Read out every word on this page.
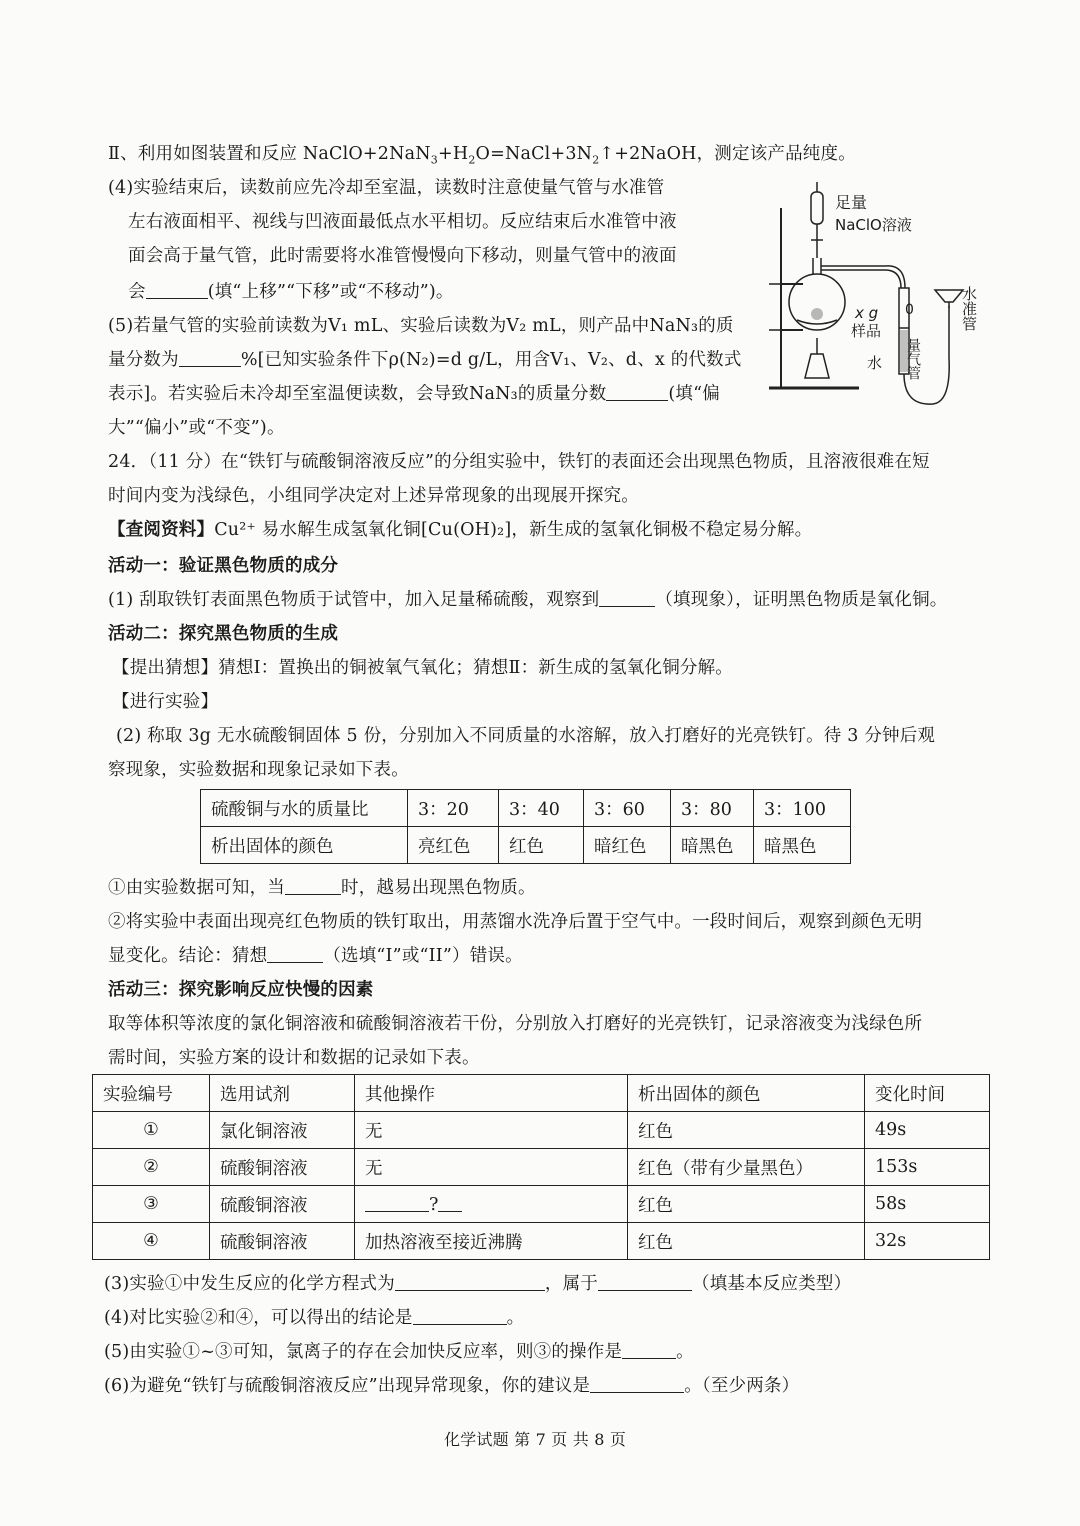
Ⅱ、利用如图装置和反应 $NaClO+2NaN_3+H_2O=NaCl+3N_2↑+2NaOH$，测定该产品纯度。
(4)实验结束后，读数前应先冷却至室温，读数时注意使量气管与水准管
左右液面相平、视线与凹液面最低点水平相切。反应结束后水准管中液
面会高于量气管，此时需要将水准管慢慢向下移动，则量气管中的液面
会	(填“上移”“下移”或“不移动”)。
(5)若量气管的实验前读数为V₁ mL、实验后读数为V₂ mL，则产品中NaN₃的质
量分数为	%[已知实验条件下ρ(N₂)=d g/L，用含V₁、V₂、d、x 的代数式
表示]。若实验后未冷却至室温便读数，会导致NaN₃的质量分数	(填“偏
大”“偏小”或“不变”)。
足量
NaClO溶液
x g
样品
水
0
量气管
水准管
24．（11 分）在“铁钉与硫酸铜溶液反应”的分组实验中，铁钉的表面还会出现黑色物质，且溶液很难在短
时间内变为浅绿色，小组同学决定对上述异常现象的出现展开探究。
【查阅资料】Cu²⁺ 易水解生成氢氧化铜[Cu(OH)₂]，新生成的氢氧化铜极不稳定易分解。
活动一：验证黑色物质的成分
(1) 刮取铁钉表面黑色物质于试管中，加入足量稀硫酸，观察到	（填现象），证明黑色物质是氧化铜。
活动二：探究黑色物质的生成
【提出猜想】猜想Ⅰ：置换出的铜被氧气氧化；猜想Ⅱ：新生成的氢氧化铜分解。
【进行实验】
(2) 称取 3g 无水硫酸铜固体 5 份，分别加入不同质量的水溶解，放入打磨好的光亮铁钉。待 3 分钟后观
察现象，实验数据和现象记录如下表。
硫酸铜与水的质量比	3：20	3：40	3：60	3：80	3：100
析出固体的颜色	亮红色	红色	暗红色	暗黑色	暗黑色
①由实验数据可知，当	时，越易出现黑色物质。
②将实验中表面出现亮红色物质的铁钉取出，用蒸馏水洗净后置于空气中。一段时间后，观察到颜色无明
显变化。结论：猜想	（选填“I”或“II”）错误。
活动三：探究影响反应快慢的因素
取等体积等浓度的氯化铜溶液和硫酸铜溶液若干份，分别放入打磨好的光亮铁钉，记录溶液变为浅绿色所
需时间，实验方案的设计和数据的记录如下表。
实验编号	选用试剂	其他操作	析出固体的颜色	变化时间
①	氯化铜溶液	无	红色	49s
②	硫酸铜溶液	无	红色（带有少量黑色）	153s
③	硫酸铜溶液	?	红色	58s
④	硫酸铜溶液	加热溶液至接近沸腾	红色	32s
(3)实验①中发生反应的化学方程式为	，属于	（填基本反应类型）
(4)对比实验②和④，可以得出的结论是	。
(5)由实验①~③可知，氯离子的存在会加快反应率，则③的操作是	。
(6)为避免“铁钉与硫酸铜溶液反应”出现异常现象，你的建议是	。（至少两条）
化学试题 第 7 页 共 8 页
